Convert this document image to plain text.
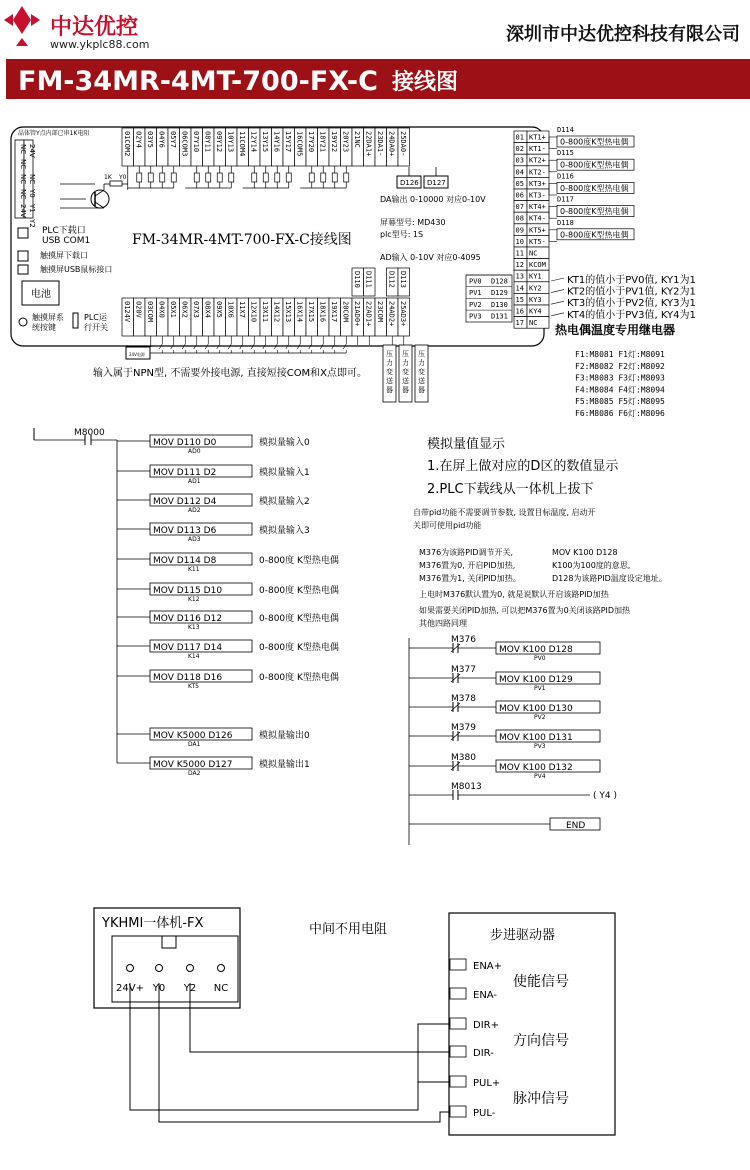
中达优控
www.ykplc88.com	深圳市中达优控科技有限公司
FM-34MR-4MT-700-FX-C 接线图
晶体管Y点内部已串1K电阻
NC
NC
NC
NC
24V
NC
Y0
Y1
Y2
24V
1K Y0
PLC下载口
USB COM1
触摸屏下载口
触摸屏USB鼠标接口
电池
触摸屏系统按键
PLC运行开关
01COM2 02Y4 03Y5 04Y6 05Y7 06COM3 07Y10 08Y11 09Y12 10Y13 11COM4 12Y14 13Y15 14Y16 15Y17 16COM5 17Y20 18Y21 19Y22 20Y23 21NC 22DA1+ 23DA1- 24DA0+ 25DA0-
D126 D127
FM-34MR-4MT-700-FX-C接线图
DA输出 0-10000 对应0-10V
屏幕型号: MD430
plc型号: 1S
AD输入 0-10V 对应0-4095
0124V 020V 03COM 04X0 05X1 06X2 07X3 08X4 09X5 10X6 11X7 12X10 13X11 14X12 15X13 16X14 17X15 18X16 19X17 20COM 21AD0+ 22AD1+ 23COM 24AD2+ 25AD3+
D110 D111 D112 D113
压力变送器
压力变送器
压力变送器
24V电源
输入属于NPN型, 不需要外接电源, 直接短接COM和X点即可。
01 KT1+
02 KT1-
03 KT2+
04 KT2-
05 KT3+
06 KT3-
07 KT4+
08 KT4-
09 KT5+
10 KT5-
11 NC
12 KCOM
13 KY1
14 KY2
15 KY3
16 KY4
17 NC
D114
0-800度K型热电偶
D115
0-800度K型热电偶
D116
0-800度K型热电偶
D117
0-800度K型热电偶
D118
0-800度K型热电偶
PV0 D128
PV1 D129
PV2 D130
PV3 D131
KT1的值小于PV0值, KY1为1
KT2的值小于PV1值, KY2为1
KT3的值小于PV2值, KY3为1
KT4的值小于PV3值, KY4为1
热电偶温度专用继电器
F1:M8081 F1灯:M8091
F2:M8082 F2灯:M8092
F3:M8083 F3灯:M8093
F4:M8084 F4灯:M8094
F5:M8085 F5灯:M8095
F6:M8086 F6灯:M8096
M8000
MOV D110 D0
AD0
模拟量输入0
MOV D111 D2
AD1
模拟量输入1
MOV D112 D4
AD2
模拟量输入2
MOV D113 D6
AD3
模拟量输入3
MOV D114 D8
K11
0-800度 K型热电偶
MOV D115 D10
K12
0-800度 K型热电偶
MOV D116 D12
K13
0-800度 K型热电偶
MOV D117 D14
K14
0-800度 K型热电偶
MOV D118 D16
KT5
0-800度 K型热电偶
MOV K5000 D126
DA1
模拟量输出0
MOV K5000 D127
DA2
模拟量输出1
模拟量值显示
1.在屏上做对应的D区的数值显示
2.PLC下载线从一体机上拔下
自带pid功能不需要调节参数, 设置目标温度, 启动开
关即可使用pid功能
M376为该路PID调节开关,
M376置为0, 开启PID加热,
M376置为1, 关闭PID加热。
MOV K100 D128
K100为100度的意思,
D128为该路PID温度设定地址。
上电时M376默认置为0, 就是说默认开启该路PID加热
如果需要关闭PID加热, 可以把M376置为0关闭该路PID加热
其他四路同理
M376
MOV K100 D128
PV0
M377
MOV K100 D129
PV1
M378
MOV K100 D130
PV2
M379
MOV K100 D131
PV3
M380
MOV K100 D132
PV4
M8013
( Y4 )
END
YKHMI一体机-FX
24V+ Y0 Y2 NC
中间不用电阻	步进驱动器
ENA+
ENA-
DIR+
DIR-
PUL+
PUL-
使能信号
方向信号
脉冲信号
